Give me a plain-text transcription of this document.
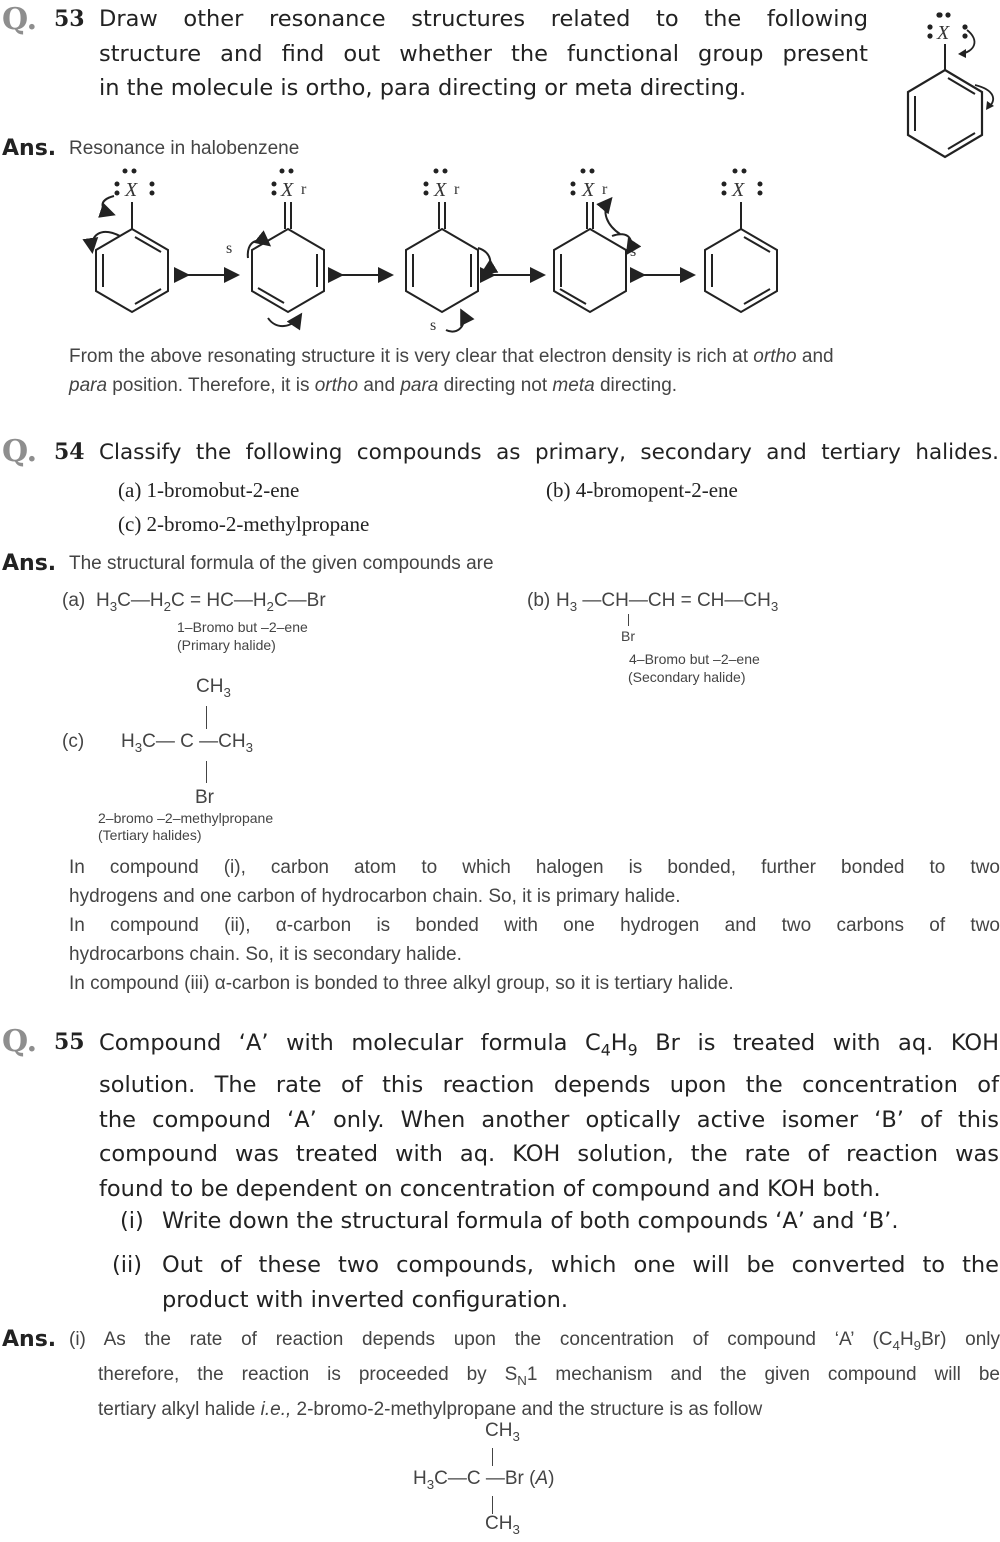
Q. 53 Draw other resonance structures related to the following
structure and find out whether the functional group present
in the molecule is ortho, para directing or meta directing.
X
Ans. Resonance in halobenzene
X	X r
s
X r
s
X r
s
X
From the above resonating structure it is very clear that electron density is rich at ortho and
para position. Therefore, it is ortho and para directing not meta directing.
Q. 54 Classify the following compounds as primary, secondary and tertiary halides.
(a) 1-bromobut-2-ene	(b) 4-bromopent-2-ene
(c) 2-bromo-2-methylpropane
Ans. The structural formula of the given compounds are
(a) $H_3C—H_2C$ = $HC—H_2C—Br$
1–Bromo but –2–ene
(Primary halide)
(b) $H_3$ —CH—CH = $CH—CH_3$
Br
4–Bromo but –2–ene
(Secondary halide)
$CH_3$
(c) $H_3C—$ C $—CH_3$
Br
2–bromo –2–methylpropane
(Tertiary halides)
In compound (i), carbon atom to which halogen is bonded, further bonded to two
hydrogens and one carbon of hydrocarbon chain. So, it is primary halide.
In compound (ii), α-carbon is bonded with one hydrogen and two carbons of two
hydrocarbons chain. So, it is secondary halide.
In compound (iii) α-carbon is bonded to three alkyl group, so it is tertiary halide.
Q. 55 Compound ‘A’ with molecular formula $C_4H_9$ Br is treated with aq. KOH
solution. The rate of this reaction depends upon the concentration of
the compound ‘A’ only. When another optically active isomer ‘B’ of this
compound was treated with aq. KOH solution, the rate of reaction was
found to be dependent on concentration of compound and KOH both.
(i) Write down the structural formula of both compounds ‘A’ and ‘B’.
(ii) Out of these two compounds, which one will be converted to the
product with inverted configuration.
Ans. (i) As the rate of reaction depends upon the concentration of compound ‘A’ $(C_4H_9Br)$ only
therefore, the reaction is proceeded by $S_N1$ mechanism and the given compound will be
tertiary alkyl halide i.e., 2-bromo-2-methylpropane and the structure is as follow
$CH_3$
$H_3C—C$ —Br (A)
$CH_3$
